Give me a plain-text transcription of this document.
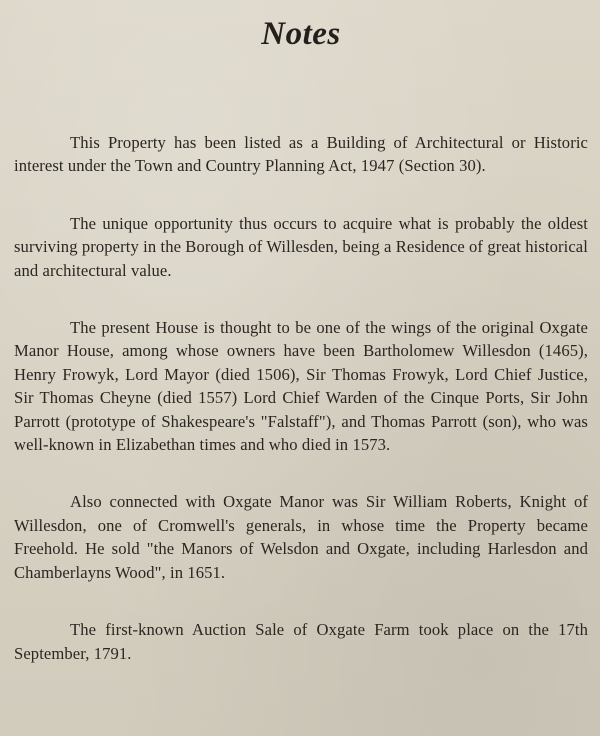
Notes

This Property has been listed as a Building of Architectural or Historic interest under the Town and Country Planning Act, 1947 (Section 30).

The unique opportunity thus occurs to acquire what is probably the oldest surviving property in the Borough of Willesden, being a Residence of great historical and architectural value.

The present House is thought to be one of the wings of the original Oxgate Manor House, among whose owners have been Bartholomew Willesdon (1465), Henry Frowyk, Lord Mayor (died 1506), Sir Thomas Frowyk, Lord Chief Justice, Sir Thomas Cheyne (died 1557) Lord Chief Warden of the Cinque Ports, Sir John Parrott (prototype of Shakespeare's "Falstaff"), and Thomas Parrott (son), who was well-known in Elizabethan times and who died in 1573.

Also connected with Oxgate Manor was Sir William Roberts, Knight of Willesdon, one of Cromwell's generals, in whose time the Property became Freehold. He sold "the Manors of Welsdon and Oxgate, including Harlesdon and Chamberlayns Wood", in 1651.

The first-known Auction Sale of Oxgate Farm took place on the 17th September, 1791.
